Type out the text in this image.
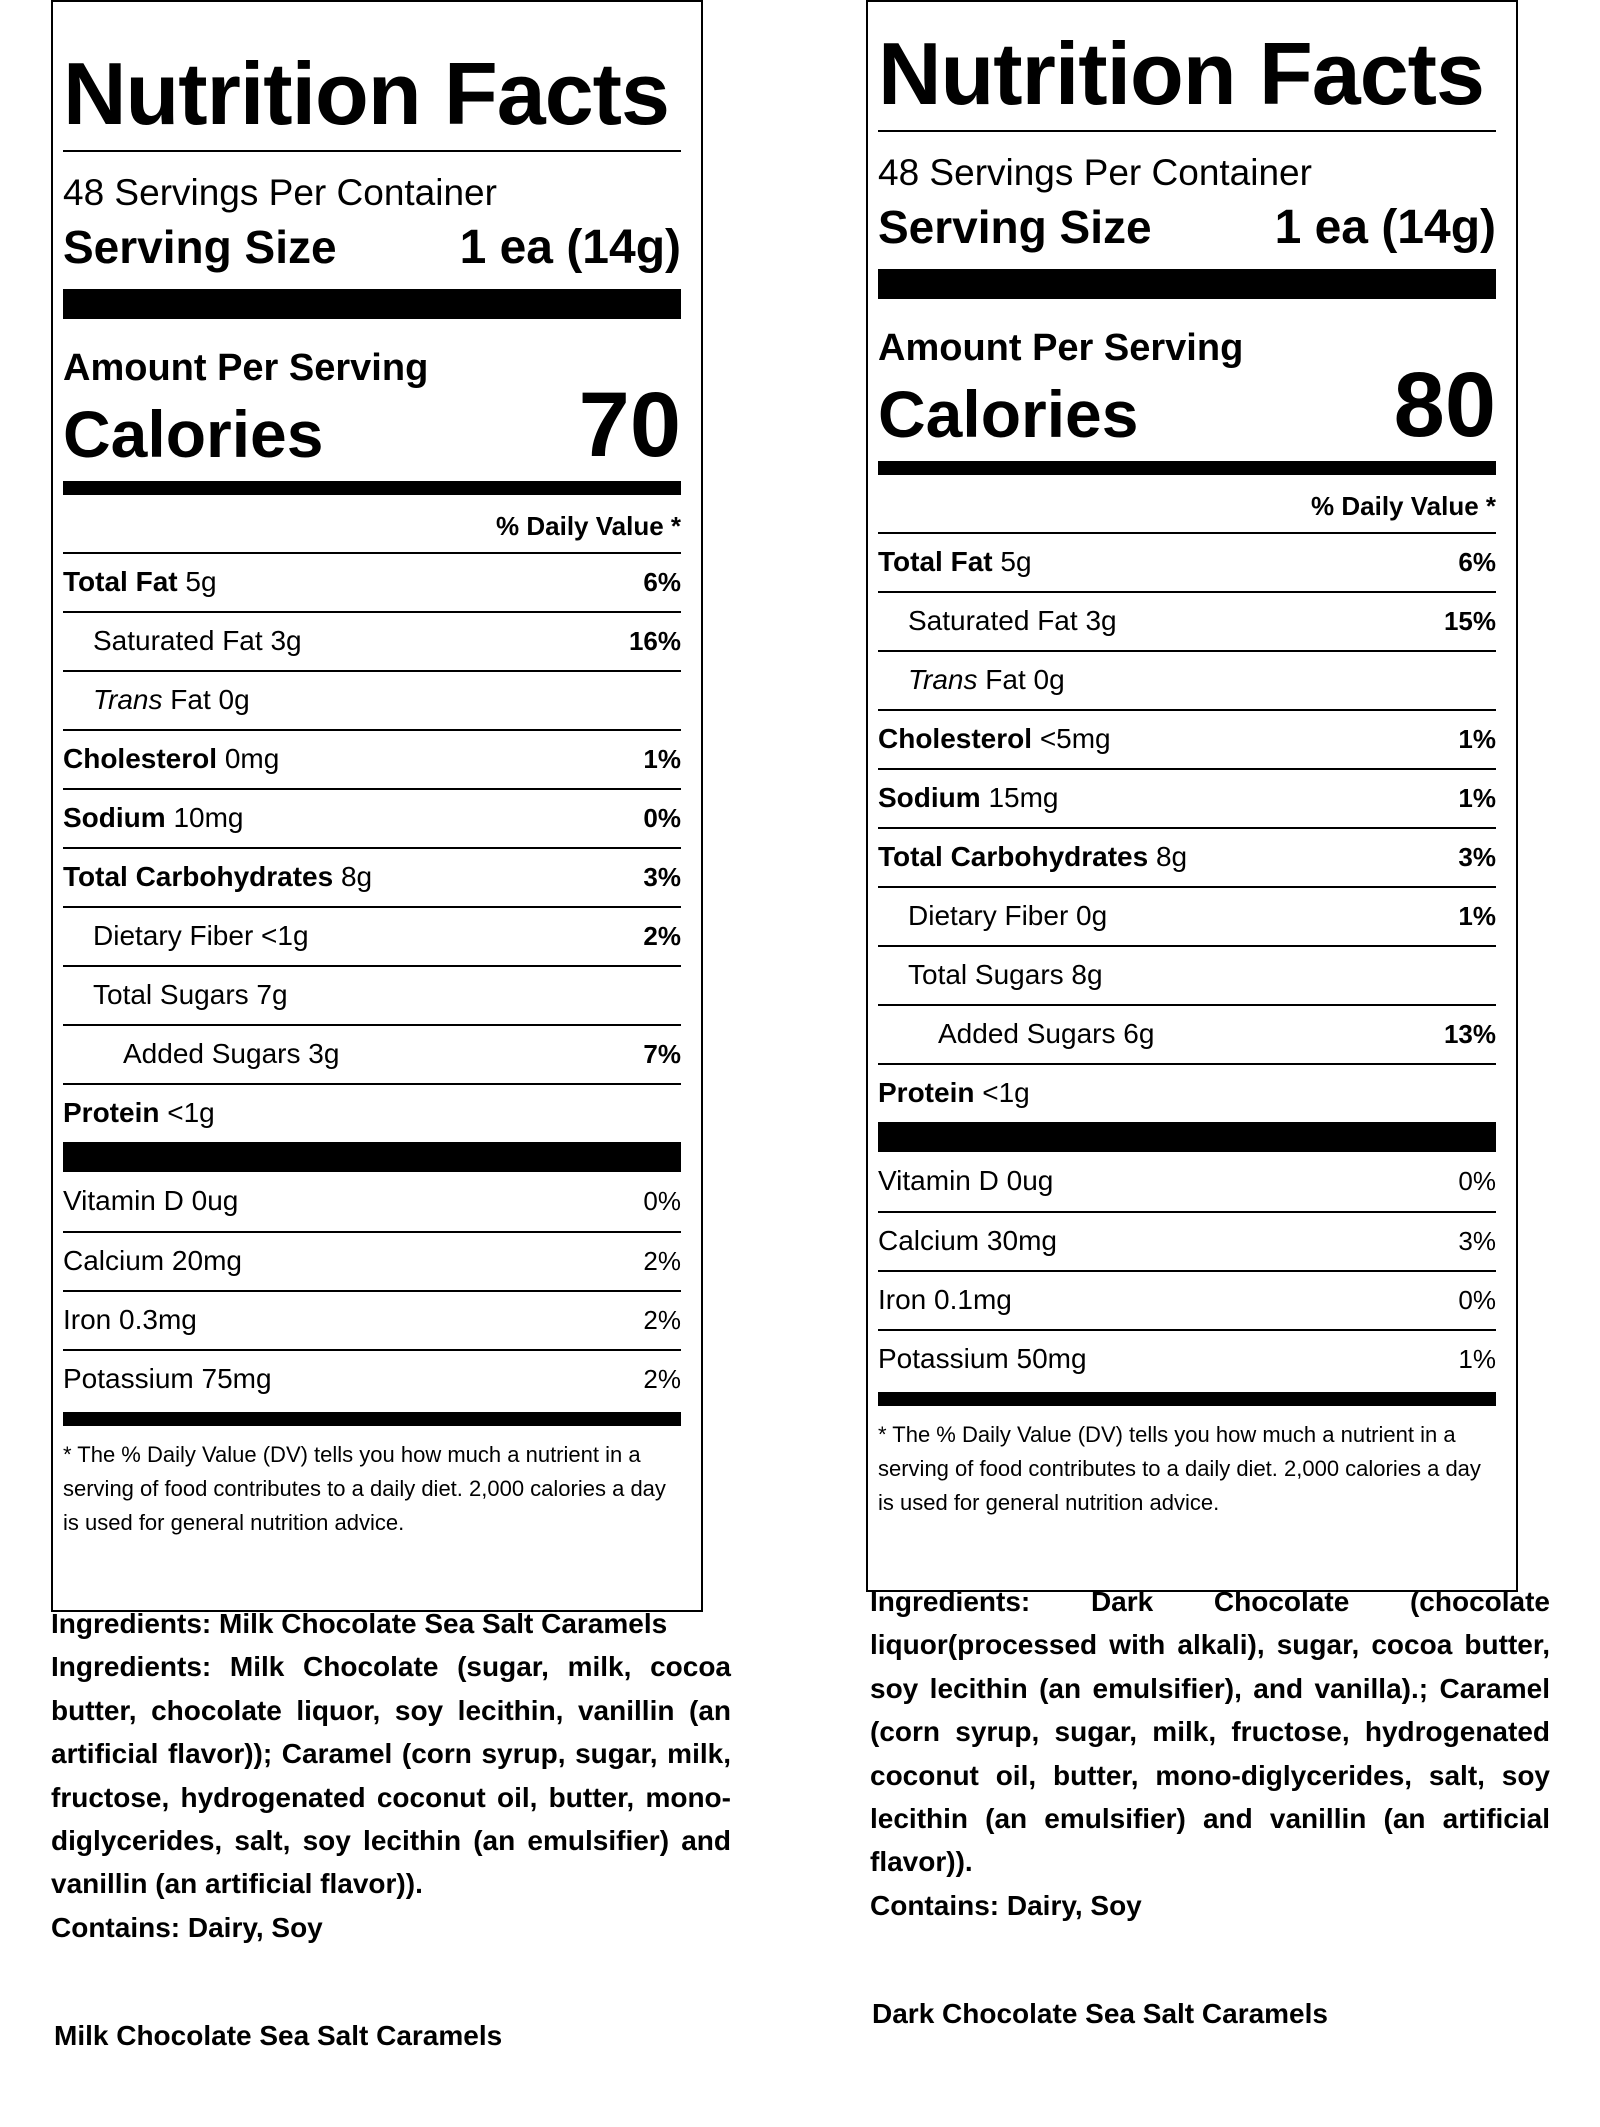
Nutrition Facts
48 Servings Per Container
Serving Size	1 ea (14g)
Amount Per Serving
Calories	70
% Daily Value *
Total Fat 5g	6%
Saturated Fat 3g	16%
Trans Fat 0g
Cholesterol 0mg	1%
Sodium 10mg	0%
Total Carbohydrates 8g	3%
Dietary Fiber <1g	2%
Total Sugars 7g
Added Sugars 3g	7%
Protein <1g
Vitamin D 0ug	0%
Calcium 20mg	2%
Iron 0.3mg	2%
Potassium 75mg	2%
* The % Daily Value (DV) tells you how much a nutrient in a serving of food contributes to a daily diet. 2,000 calories a day is used for general nutrition advice.
Nutrition Facts
48 Servings Per Container
Serving Size	1 ea (14g)
Amount Per Serving
Calories	80
% Daily Value *
Total Fat 5g	6%
Saturated Fat 3g	15%
Trans Fat 0g
Cholesterol <5mg	1%
Sodium 15mg	1%
Total Carbohydrates 8g	3%
Dietary Fiber 0g	1%
Total Sugars 8g
Added Sugars 6g	13%
Protein <1g
Vitamin D 0ug	0%
Calcium 30mg	3%
Iron 0.1mg	0%
Potassium 50mg	1%
* The % Daily Value (DV) tells you how much a nutrient in a serving of food contributes to a daily diet. 2,000 calories a day is used for general nutrition advice.

Ingredients: Milk Chocolate Sea Salt Caramels

Ingredients: Milk Chocolate (sugar, milk, cocoa butter, chocolate liquor, soy lecithin, vanillin (an artificial flavor)); Caramel (corn syrup, sugar, milk, fructose, hydrogenated coconut oil, butter, mono-diglycerides, salt, soy lecithin (an emulsifier) and vanillin (an artificial flavor)).

Contains: Dairy, Soy

Milk Chocolate Sea Salt Caramels

Ingredients: Dark Chocolate (chocolate liquor(processed with alkali), sugar, cocoa butter, soy lecithin (an emulsifier), and vanilla).; Caramel (corn syrup, sugar, milk, fructose, hydrogenated coconut oil, butter, mono-diglycerides, salt, soy lecithin (an emulsifier) and vanillin (an artificial flavor)).

Contains: Dairy, Soy

Dark Chocolate Sea Salt Caramels
